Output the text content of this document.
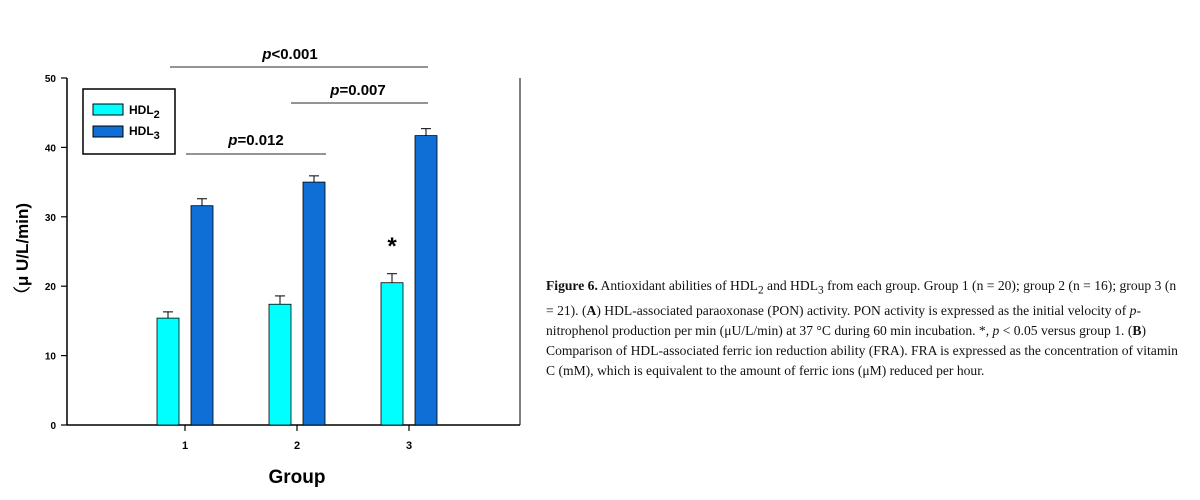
0
10
20
30
40
50
1	2	3
Group
（μ U/L/min)
HDL2
HDL3
p<0.001
p=0.007
p=0.012
*
Figure 6. Antioxidant abilities of $HDL_2$ and $HDL_3$ from each group. Group 1 (n = 20); group 2 (n = 16); group 3 (n = 21). (A) HDL-associated paraoxonase (PON) activity. PON activity is expressed as the initial velocity of p-nitrophenol production per min (μU/L/min) at 37 °C during 60 min incubation. *, p < 0.05 versus group 1. (B) Comparison of HDL-associated ferric ion reduction ability (FRA). FRA is expressed as the concentration of vitamin C (mM), which is equivalent to the amount of ferric ions (μM) reduced per hour.
